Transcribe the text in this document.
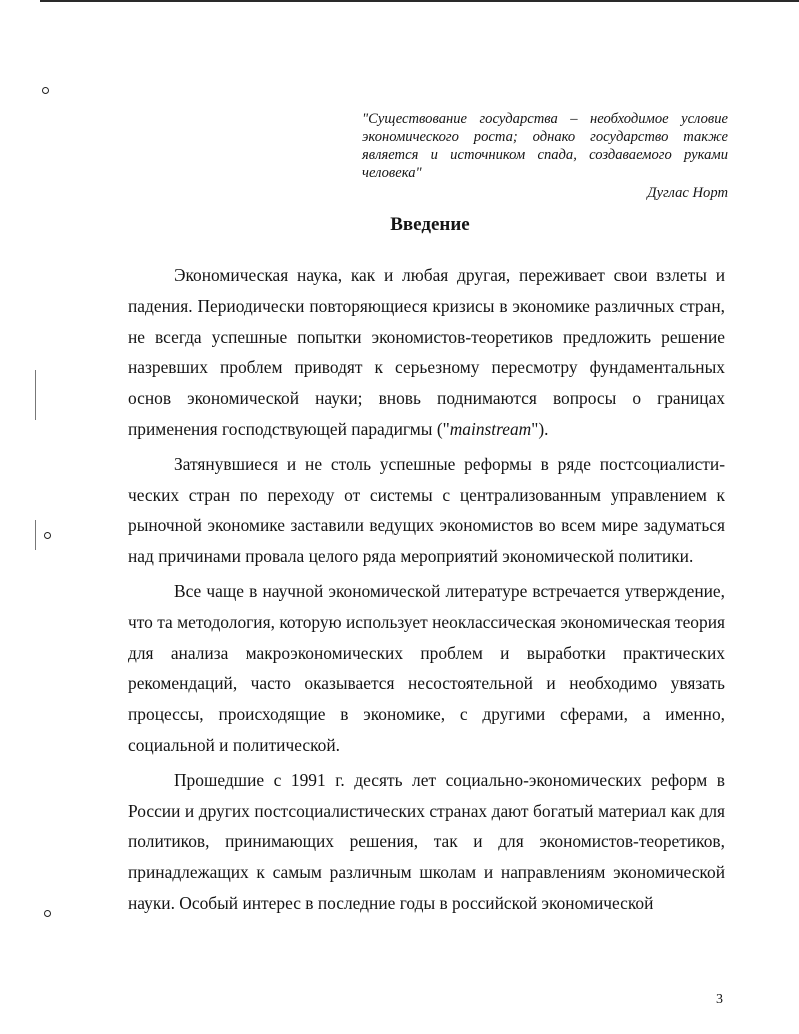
"Существование государства – необходимое условие экономического роста; однако государство также является и источником спада, создаваемого руками человека"
Дуглас Норт
Введение

Экономическая наука, как и любая другая, переживает свои взлеты и падения. Периодически повторяющиеся кризисы в экономике различных стран, не всегда успешные попытки экономистов-теоретиков предложить решение назревших проблем приводят к серьезному пересмотру фундаментальных основ экономической науки; вновь поднимаются вопросы о границах применения господствующей парадигмы ("mainstream").

Затянувшиеся и не столь успешные реформы в ряде постсоциалистических стран по переходу от системы с централизованным управлением к рыночной экономике заставили ведущих экономистов во всем мире задуматься над причинами провала целого ряда мероприятий экономической политики.

Все чаще в научной экономической литературе встречается утверждение, что та методология, которую использует неоклассическая экономическая теория для анализа макроэкономических проблем и выработки практических рекомендаций, часто оказывается несостоятельной и необходимо увязать процессы, происходящие в экономике, с другими сферами, а именно, социальной и политической.

Прошедшие с 1991 г. десять лет социально-экономических реформ в России и других постсоциалистических странах дают богатый материал как для политиков, принимающих решения, так и для экономистов-теоретиков, принадлежащих к самым различным школам и направлениям экономической науки. Особый интерес в последние годы в российской экономической

3
